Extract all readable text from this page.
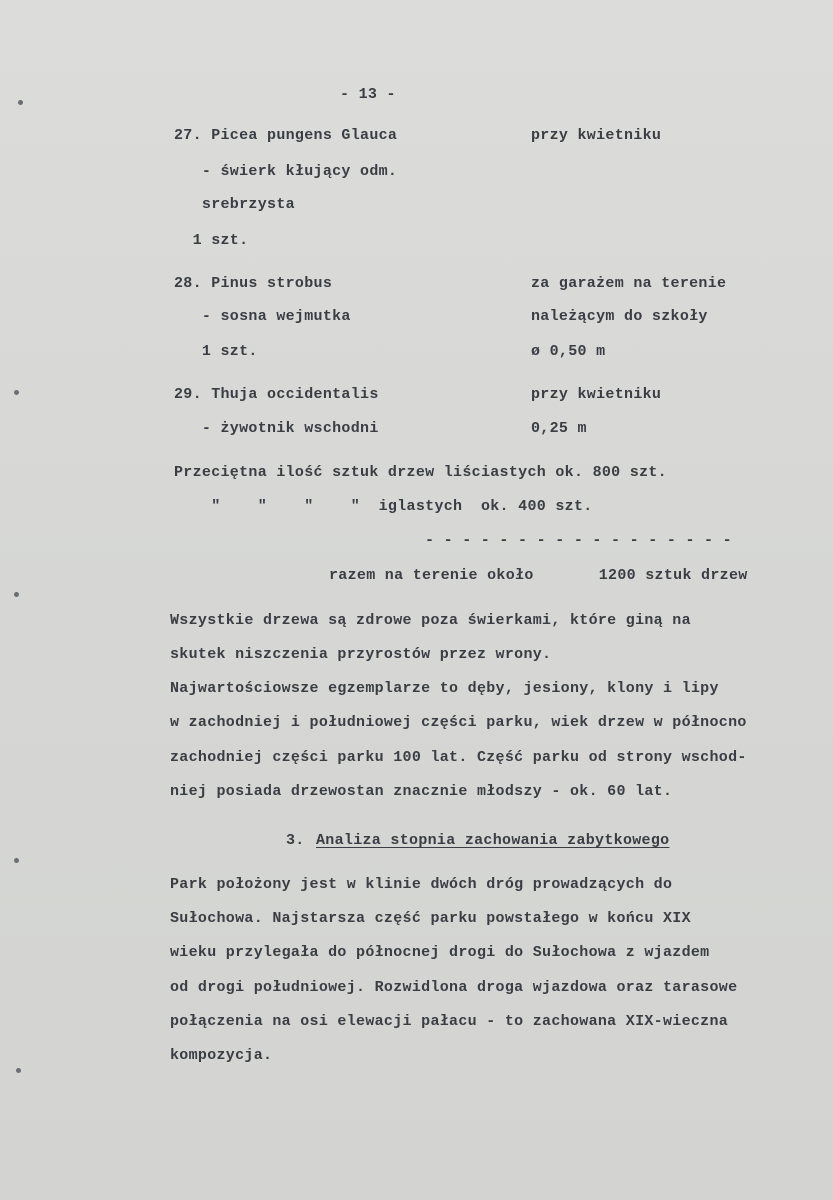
- 13 -
27. Picea pungens Glauca
- świerk kłujący odm.
srebrzysta
1 szt.
przy kwietniku
28. Pinus strobus
- sosna wejmutka
1 szt.
za garażem na terenie
należącym do szkoły
ø 0,50 m
29. Thuja occidentalis
- żywotnik wschodni
przy kwietniku
0,25 m
Przeciętna ilość sztuk drzew liściastych ok. 800 szt.
"    "    "    "  iglastych  ok. 400 szt.
- - - - - - - - - - - - - - - - -
razem na terenie około       1200 sztuk drzew
Wszystkie drzewa są zdrowe poza świerkami, które giną na
skutek niszczenia przyrostów przez wrony.
Najwartościowsze egzemplarze to dęby, jesiony, klony i lipy
w zachodniej i południowej części parku, wiek drzew w północno
zachodniej części parku 100 lat. Część parku od strony wschod-
niej posiada drzewostan znacznie młodszy - ok. 60 lat.
3. Analiza stopnia zachowania zabytkowego
Park położony jest w klinie dwóch dróg prowadzących do
Sułochowa. Najstarsza część parku powstałego w końcu XIX
wieku przylegała do północnej drogi do Sułochowa z wjazdem
od drogi południowej. Rozwidlona droga wjazdowa oraz tarasowe
połączenia na osi elewacji pałacu - to zachowana XIX-wieczna
kompozycja.
